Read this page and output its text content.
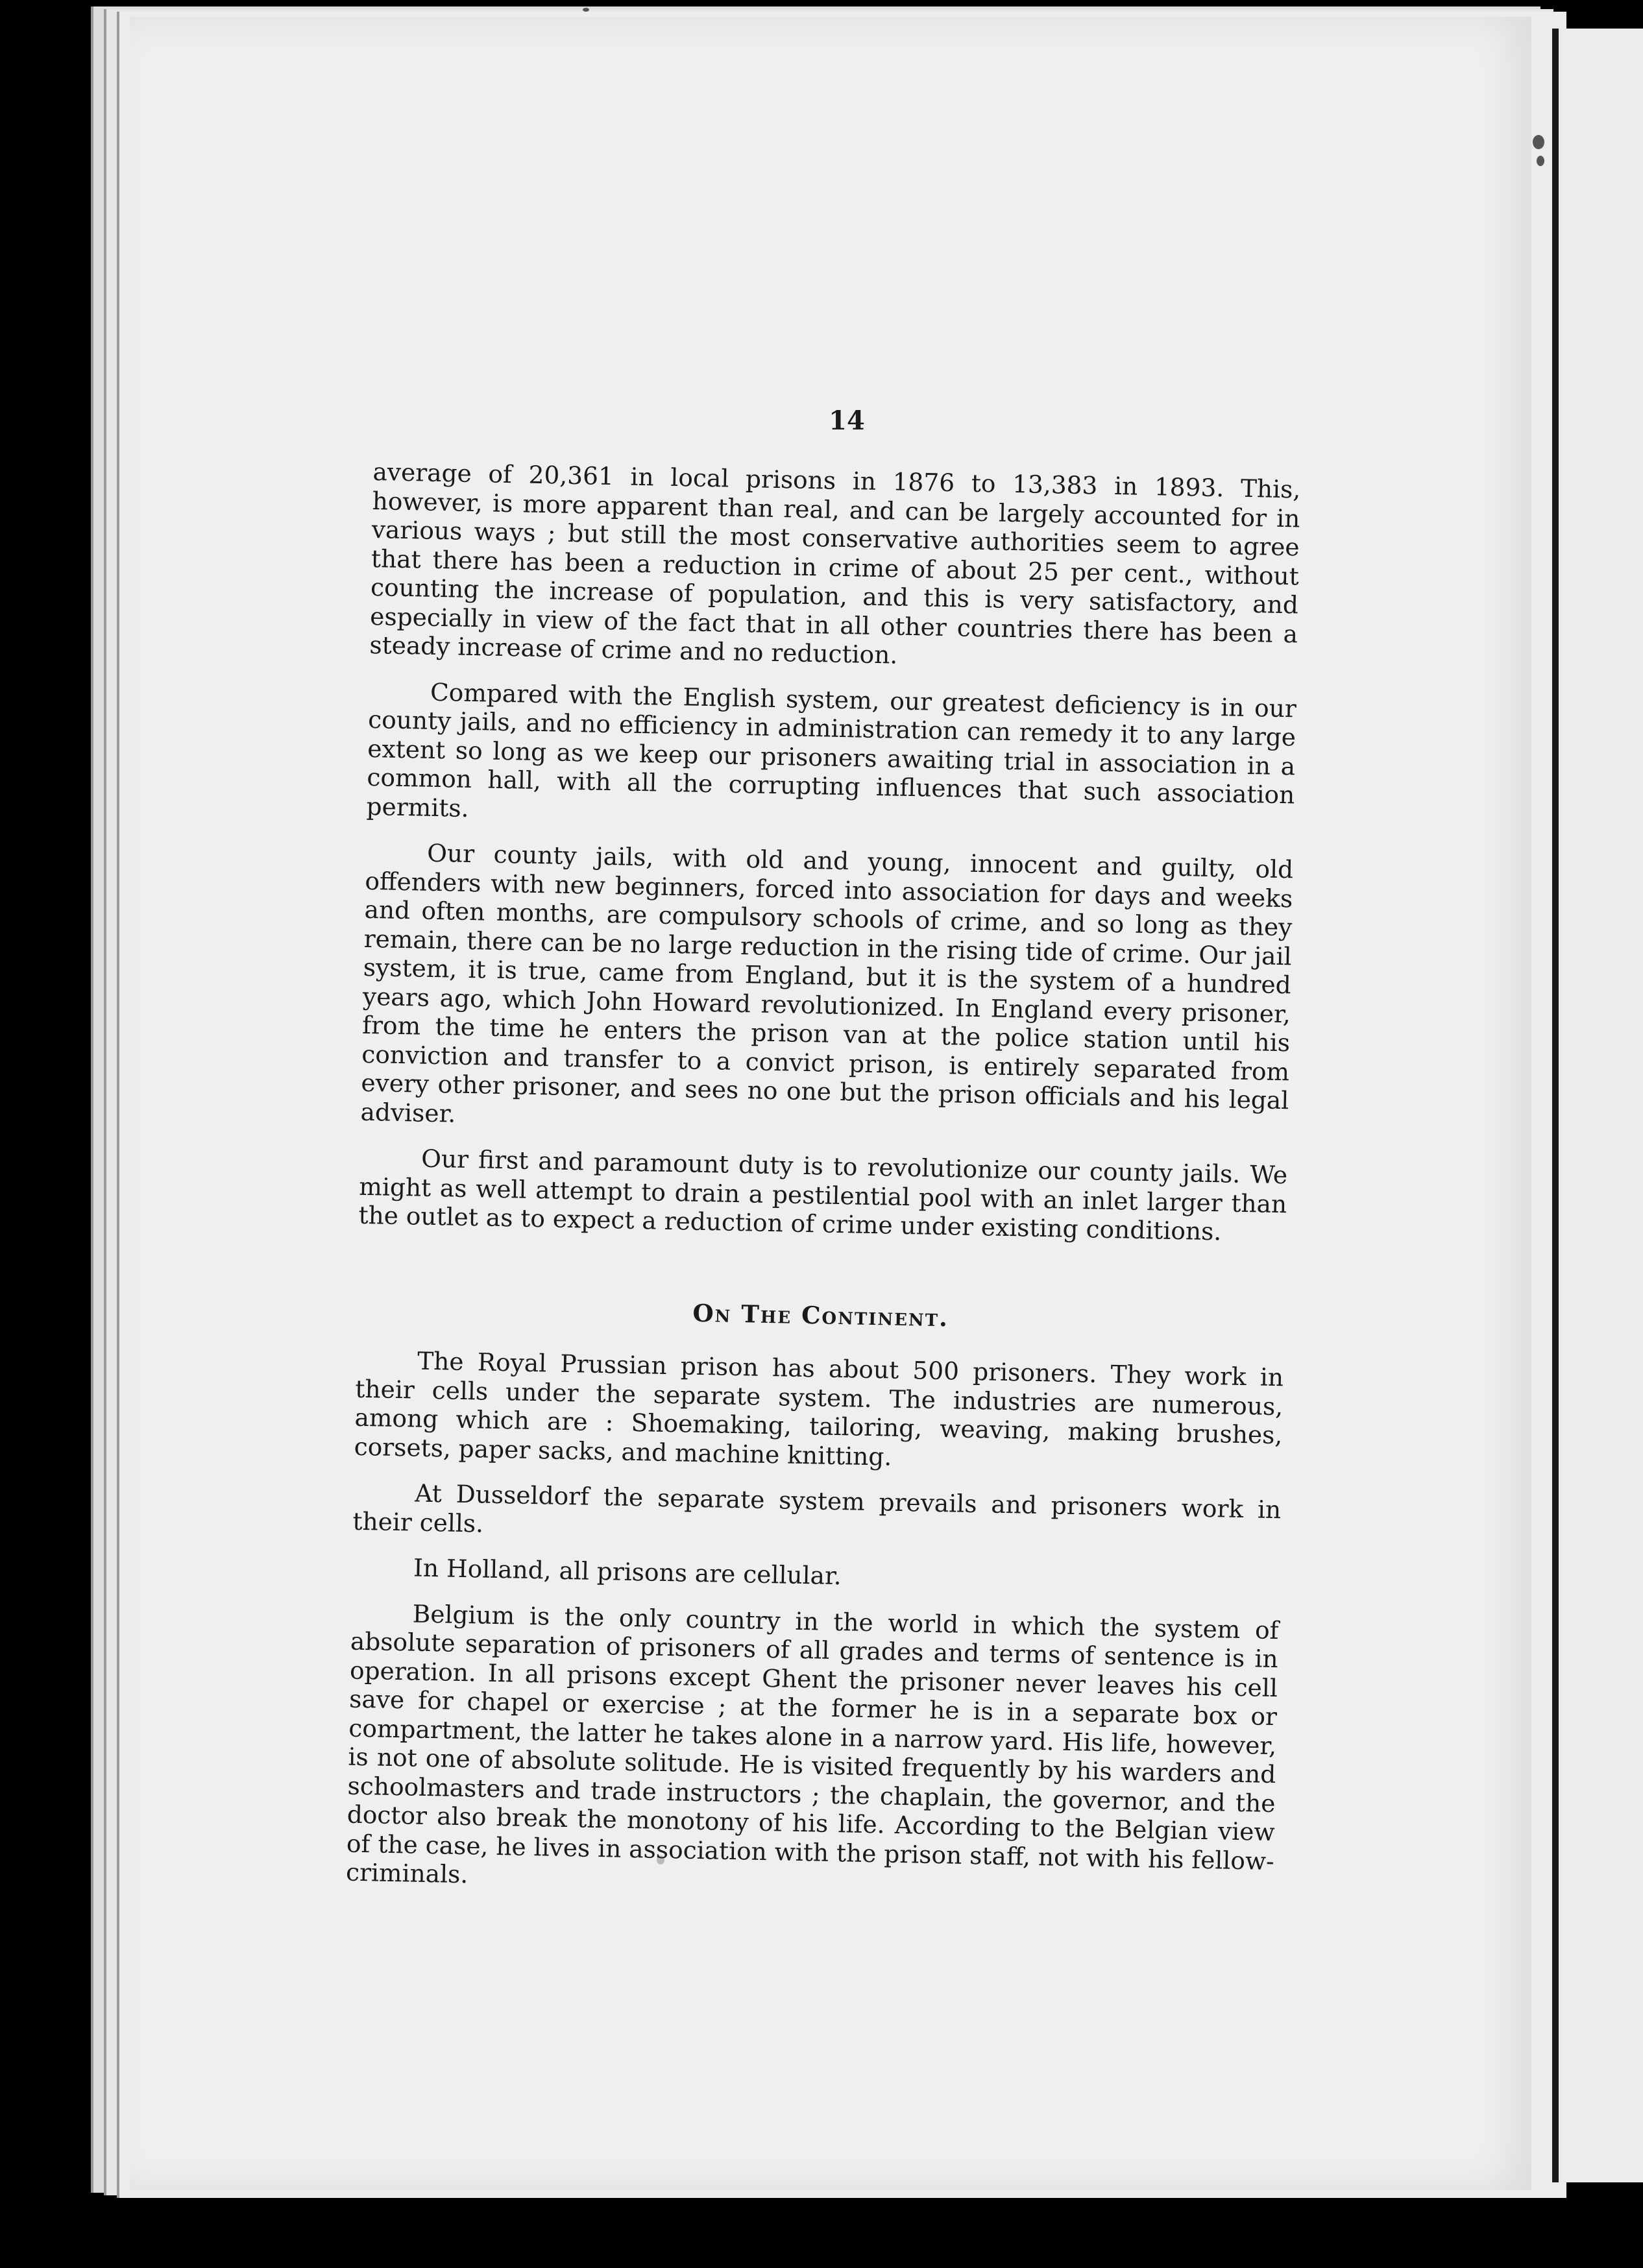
14

average of 20,361 in local prisons in 1876 to 13,383 in 1893. This, however, is more apparent than real, and can be largely accounted for in various ways ; but still the most conservative authorities seem to agree that there has been a reduction in crime of about 25 per cent., without counting the increase of population, and this is very satisfactory, and especially in view of the fact that in all other countries there has been a steady increase of crime and no reduction.

Compared with the English system, our greatest deficiency is in our county jails, and no efficiency in administration can remedy it to any large extent so long as we keep our prisoners awaiting trial in association in a common hall, with all the corrupting influences that such association permits.

Our county jails, with old and young, innocent and guilty, old offenders with new beginners, forced into association for days and weeks and often months, are compulsory schools of crime, and so long as they remain, there can be no large reduction in the rising tide of crime. Our jail system, it is true, came from England, but it is the system of a hundred years ago, which John Howard revolutionized. In England every prisoner, from the time he enters the prison van at the police station until his conviction and transfer to a convict prison, is entirely separated from every other prisoner, and sees no one but the prison officials and his legal adviser.

Our first and paramount duty is to revolutionize our county jails. We might as well attempt to drain a pestilential pool with an inlet larger than the outlet as to expect a reduction of crime under existing conditions.

On The Continent.

The Royal Prussian prison has about 500 prisoners. They work in their cells under the separate system. The industries are numerous, among which are : Shoemaking, tailoring, weaving, making brushes, corsets, paper sacks, and machine knitting.

At Dusseldorf the separate system prevails and prisoners work in their cells.

In Holland, all prisons are cellular.

Belgium is the only country in the world in which the system of absolute separation of prisoners of all grades and terms of sentence is in operation. In all prisons except Ghent the prisoner never leaves his cell save for chapel or exercise ; at the former he is in a separate box or compartment, the latter he takes alone in a narrow yard. His life, however, is not one of absolute solitude. He is visited frequently by his warders and schoolmasters and trade instructors ; the chaplain, the governor, and the doctor also break the monotony of his life. According to the Belgian view of the case, he lives in association with the prison staff, not with his fellow-criminals.
